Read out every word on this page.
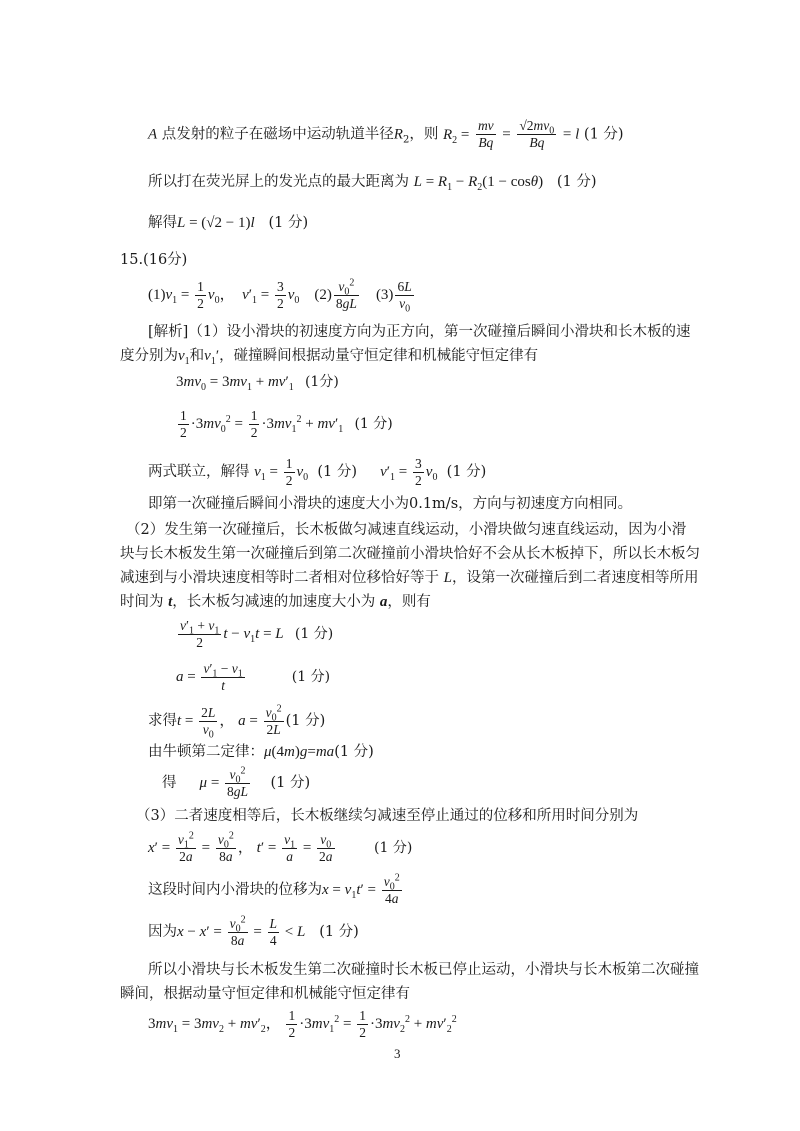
A 点发射的粒子在磁场中运动轨道半径$R_2$，则 $R_2 = \frac{mv}{Bq} = \frac{√2mv_0}{Bq} = l$ (1 分)
所以打在荧光屏上的发光点的最大距离为 $L = R_1 - R_2(1 - \cos\theta)$ (1 分)
解得L = (√2 − 1)l (1 分)
15.(16分)
$(1)v_1 = \frac{1}{2} v_0$，  $v'_1 = \frac{3}{2} v_0$    $(2) \frac{v_0^2}{8gL} (3) \frac{6L}{v_0}$
[解析]（1）设小滑块的初速度方向为正方向，第一次碰撞后瞬间小滑块和长木板的速
度分别为$v_1$和$v_1'$，碰撞瞬间根据动量守恒定律和机械能守恒定律有
$3mv_0 = 3mv_1 + mv'_1$ (1分)
$\frac{1}{2} \cdot 3mv_0^2 = \frac{1}{2} \cdot 3mv_1^2 + mv'_1$ (1 分)
两式联立，解得 $v_1 = \frac{1}{2} v_0$ (1 分) $v'_1 = \frac{3}{2} v_0$ (1 分)
即第一次碰撞后瞬间小滑块的速度大小为0.1m/s，方向与初速度方向相同。
（2）发生第一次碰撞后，长木板做匀减速直线运动，小滑块做匀速直线运动，因为小滑
块与长木板发生第一次碰撞后到第二次碰撞前小滑块恰好不会从长木板掉下，所以长木板匀
减速到与小滑块速度相等时二者相对位移恰好等于 L，设第一次碰撞后到二者速度相等所用
时间为 t，长木板匀减速的加速度大小为 a，则有
$\frac{v'_1 + v_1}{2}$ $t - v_1t = L$ (1 分)
$a = \frac{v'_1 - v_1}{t}$	(1 分)
求得$t = \frac{2L}{v_0}$ ， $a = \frac{v_0^2}{2L} (1$ 分)
由牛顿第二定律：μ(4m)g=ma(1 分)
得 $\mu = \frac{v_0^2}{8gL} (1$ 分)
（3）二者速度相等后，长木板继续匀减速至停止通过的位移和所用时间分别为
$x' = \frac{v_1^2}{2a} = \frac{v_0^2}{8a}$ ， $t' = \frac{v_1}{a} = \frac{v_0}{2a}$	(1 分)
这段时间内小滑块的位移为$x = v_1t' = \frac{v_0^2}{4a}$
因为$x - x' = \frac{v_0^2}{8a} = \frac{L}{4} < L$ (1 分)
所以小滑块与长木板发生第二次碰撞时长木板已停止运动，小滑块与长木板第二次碰撞
瞬间，根据动量守恒定律和机械能守恒定律有
$3mv_1 = 3mv_2 + mv'_2$， $\frac{1}{2} \cdot 3mv_1^2 = \frac{1}{2} \cdot 3mv_2^2 + mv'_2^2$
3
